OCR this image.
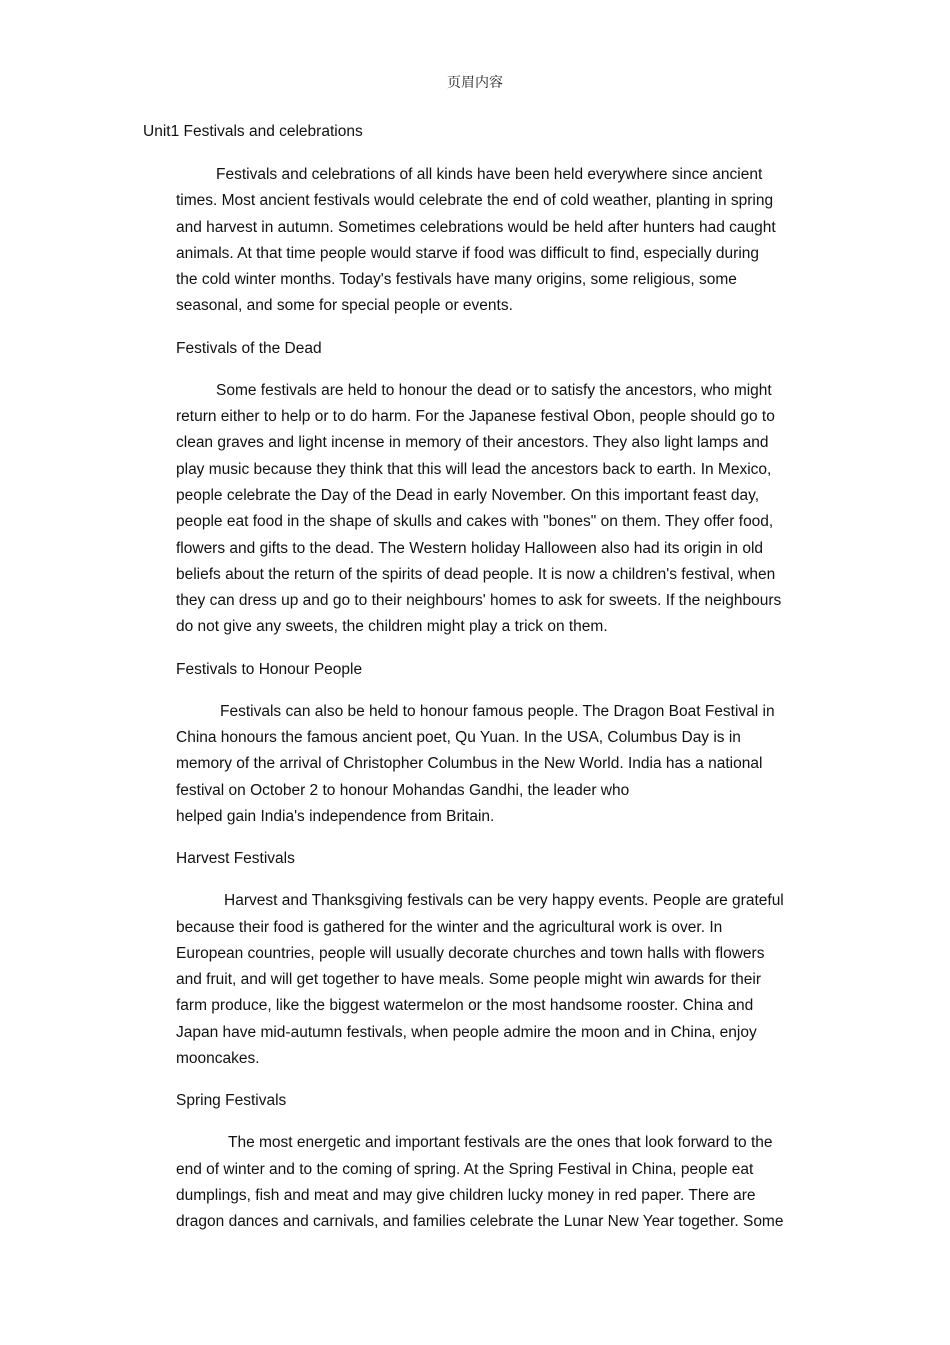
页眉内容
Unit1 Festivals and celebrations
Festivals and celebrations of all kinds have been held everywhere since ancient
times. Most ancient festivals would celebrate the end of cold weather, planting in spring
and harvest in autumn. Sometimes celebrations would be held after hunters had caught
animals. At that time people would starve if food was difficult to find, especially during
the cold winter months. Today's festivals have many origins, some religious, some
seasonal, and some for special people or events.
Festivals of the Dead
Some festivals are held to honour the dead or to satisfy the ancestors, who might
return either to help or to do harm. For the Japanese festival Obon, people should go to
clean graves and light incense in memory of their ancestors. They also light lamps and
play music because they think that this will lead the ancestors back to earth. In Mexico,
people celebrate the Day of the Dead in early November. On this important feast day,
people eat food in the shape of skulls and cakes with "bones" on them. They offer food,
flowers and gifts to the dead. The Western holiday Halloween also had its origin in old
beliefs about the return of the spirits of dead people. It is now a children's festival, when
they can dress up and go to their neighbours' homes to ask for sweets. If the neighbours
do not give any sweets, the children might play a trick on them.
Festivals to Honour People
Festivals can also be held to honour famous people. The Dragon Boat Festival in
China honours the famous ancient poet, Qu Yuan. In the USA, Columbus Day is in
memory of the arrival of Christopher Columbus in the New World. India has a national
festival on October 2 to honour Mohandas Gandhi, the leader who
helped gain India's independence from Britain.
Harvest Festivals
Harvest and Thanksgiving festivals can be very happy events. People are grateful
because their food is gathered for the winter and the agricultural work is over. In
European countries, people will usually decorate churches and town halls with flowers
and fruit, and will get together to have meals. Some people might win awards for their
farm produce, like the biggest watermelon or the most handsome rooster. China and
Japan have mid-autumn festivals, when people admire the moon and in China, enjoy
mooncakes.
Spring Festivals
The most energetic and important festivals are the ones that look forward to the
end of winter and to the coming of spring. At the Spring Festival in China, people eat
dumplings, fish and meat and may give children lucky money in red paper. There are
dragon dances and carnivals, and families celebrate the Lunar New Year together. Some
